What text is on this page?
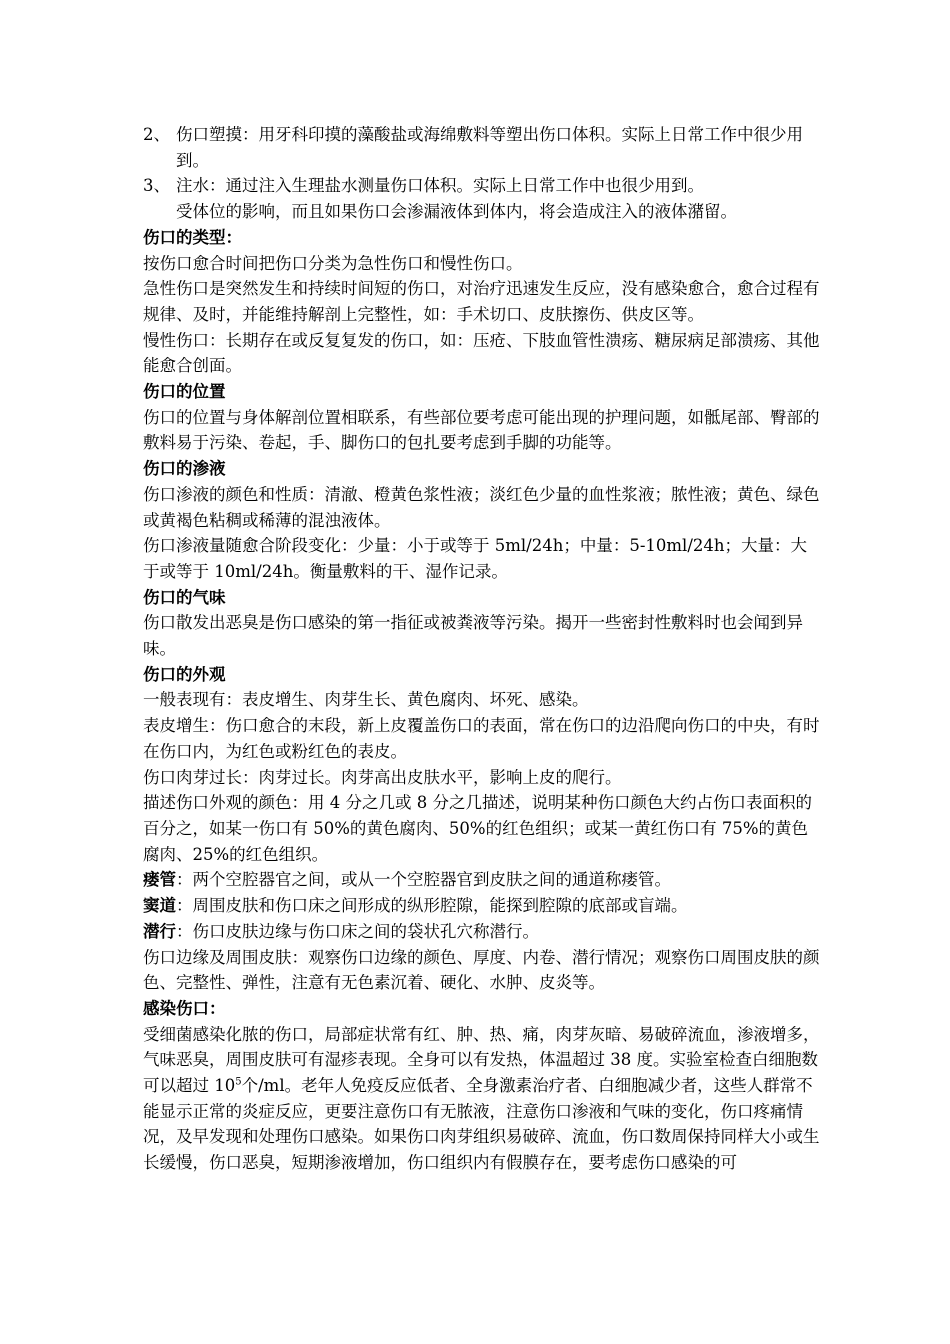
2、 伤口塑摸：用牙科印摸的藻酸盐或海绵敷料等塑出伤口体积。实际上日常工作中很少用到。
3、 注水：通过注入生理盐水测量伤口体积。实际上日常工作中也很少用到。

受体位的影响，而且如果伤口会渗漏液体到体内，将会造成注入的液体潴留。

伤口的类型：

按伤口愈合时间把伤口分类为急性伤口和慢性伤口。

急性伤口是突然发生和持续时间短的伤口，对治疗迅速发生反应，没有感染愈合，愈合过程有规律、及时，并能维持解剖上完整性，如：手术切口、皮肤擦伤、供皮区等。

慢性伤口：长期存在或反复复发的伤口，如：压疮、下肢血管性溃疡、糖尿病足部溃疡、其他能愈合创面。

伤口的位置

伤口的位置与身体解剖位置相联系，有些部位要考虑可能出现的护理问题，如骶尾部、臀部的敷料易于污染、卷起，手、脚伤口的包扎要考虑到手脚的功能等。

伤口的渗液

伤口渗液的颜色和性质：清澈、橙黄色浆性液；淡红色少量的血性浆液；脓性液；黄色、绿色或黄褐色粘稠或稀薄的混浊液体。

伤口渗液量随愈合阶段变化：少量：小于或等于 5ml/24h；中量：5-10ml/24h；大量：大于或等于 10ml/24h。衡量敷料的干、湿作记录。

伤口的气味

伤口散发出恶臭是伤口感染的第一指征或被粪液等污染。揭开一些密封性敷料时也会闻到异味。

伤口的外观

一般表现有：表皮增生、肉芽生长、黄色腐肉、坏死、感染。

表皮增生：伤口愈合的末段，新上皮覆盖伤口的表面，常在伤口的边沿爬向伤口的中央，有时在伤口内，为红色或粉红色的表皮。

伤口肉芽过长：肉芽过长。肉芽高出皮肤水平，影响上皮的爬行。

描述伤口外观的颜色：用 4 分之几或 8 分之几描述，说明某种伤口颜色大约占伤口表面积的百分之，如某一伤口有 50%的黄色腐肉、50%的红色组织；或某一黄红伤口有 75%的黄色腐肉、25%的红色组织。

瘘管：两个空腔器官之间，或从一个空腔器官到皮肤之间的通道称瘘管。

窦道：周围皮肤和伤口床之间形成的纵形腔隙，能探到腔隙的底部或盲端。

潜行：伤口皮肤边缘与伤口床之间的袋状孔穴称潜行。

伤口边缘及周围皮肤：观察伤口边缘的颜色、厚度、内卷、潜行情况；观察伤口周围皮肤的颜色、完整性、弹性，注意有无色素沉着、硬化、水肿、皮炎等。

感染伤口：

受细菌感染化脓的伤口，局部症状常有红、肿、热、痛，肉芽灰暗、易破碎流血，渗液增多，气味恶臭，周围皮肤可有湿疹表现。全身可以有发热，体温超过 38 度。实验室检查白细胞数可以超过 $10^5$个/ml。老年人免疫反应低者、全身激素治疗者、白细胞减少者，这些人群常不能显示正常的炎症反应，更要注意伤口有无脓液，注意伤口渗液和气味的变化，伤口疼痛情况，及早发现和处理伤口感染。如果伤口肉芽组织易破碎、流血，伤口数周保持同样大小或生长缓慢，伤口恶臭，短期渗液增加，伤口组织内有假膜存在，要考虑伤口感染的可
